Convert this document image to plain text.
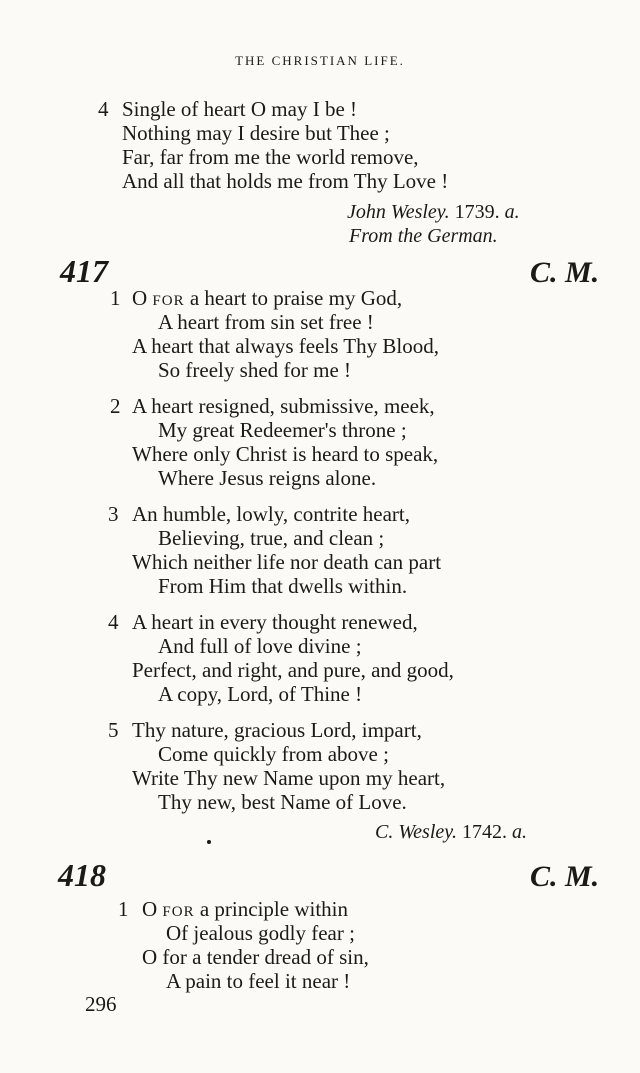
THE CHRISTIAN LIFE.
4 Single of heart O may I be !
Nothing may I desire but Thee ;
Far, far from me the world remove,
And all that holds me from Thy Love !
John Wesley. 1739. a.
From the German.
417	C. M.
1 O FOR a heart to praise my God,
A heart from sin set free !
A heart that always feels Thy Blood,
So freely shed for me !
2 A heart resigned, submissive, meek,
My great Redeemer's throne ;
Where only Christ is heard to speak,
Where Jesus reigns alone.
3 An humble, lowly, contrite heart,
Believing, true, and clean ;
Which neither life nor death can part
From Him that dwells within.
4 A heart in every thought renewed,
And full of love divine ;
Perfect, and right, and pure, and good,
A copy, Lord, of Thine !
5 Thy nature, gracious Lord, impart,
Come quickly from above ;
Write Thy new Name upon my heart,
Thy new, best Name of Love.
C. Wesley. 1742. a.
418	C. M.
1 O FOR a principle within
Of jealous godly fear ;
O for a tender dread of sin,
A pain to feel it near !
296
